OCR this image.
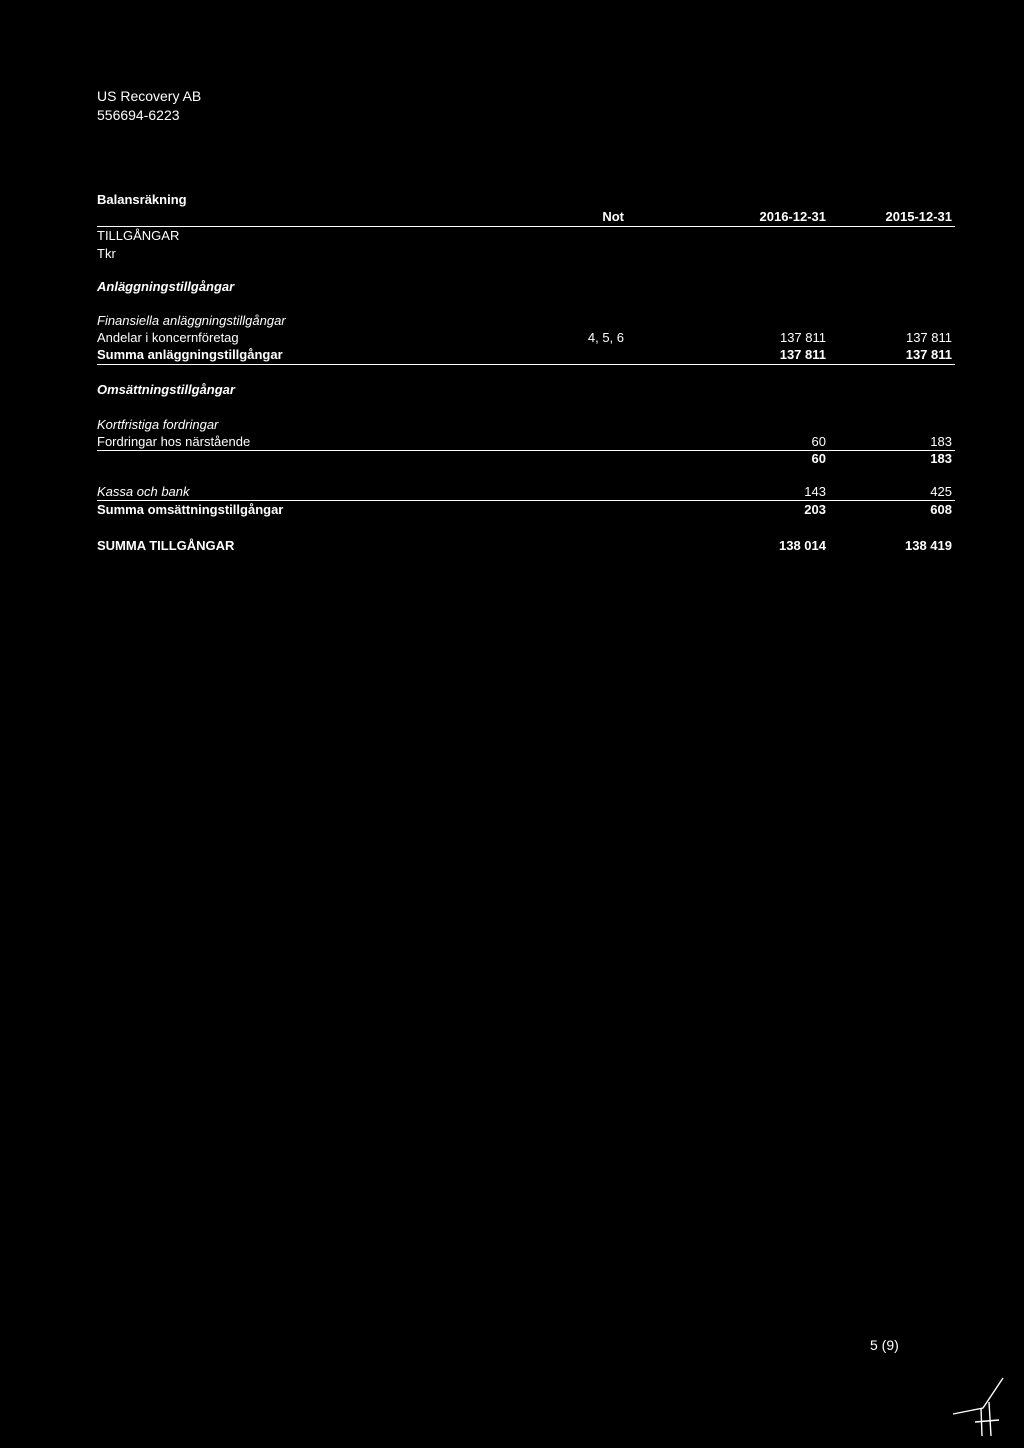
US Recovery AB
556694-6223
Balansräkning
Not	2016-12-31	2015-12-31
TILLGÅNGAR
Tkr
Anläggningstillgångar
Finansiella anläggningstillgångar
Andelar i koncernföretag	4, 5, 6	137 811	137 811
Summa anläggningstillgångar	137 811	137 811
Omsättningstillgångar
Kortfristiga fordringar
Fordringar hos närstående	60	183
60	183
Kassa och bank	143	425
Summa omsättningstillgångar	203	608
SUMMA TILLGÅNGAR	138 014	138 419
5 (9)
